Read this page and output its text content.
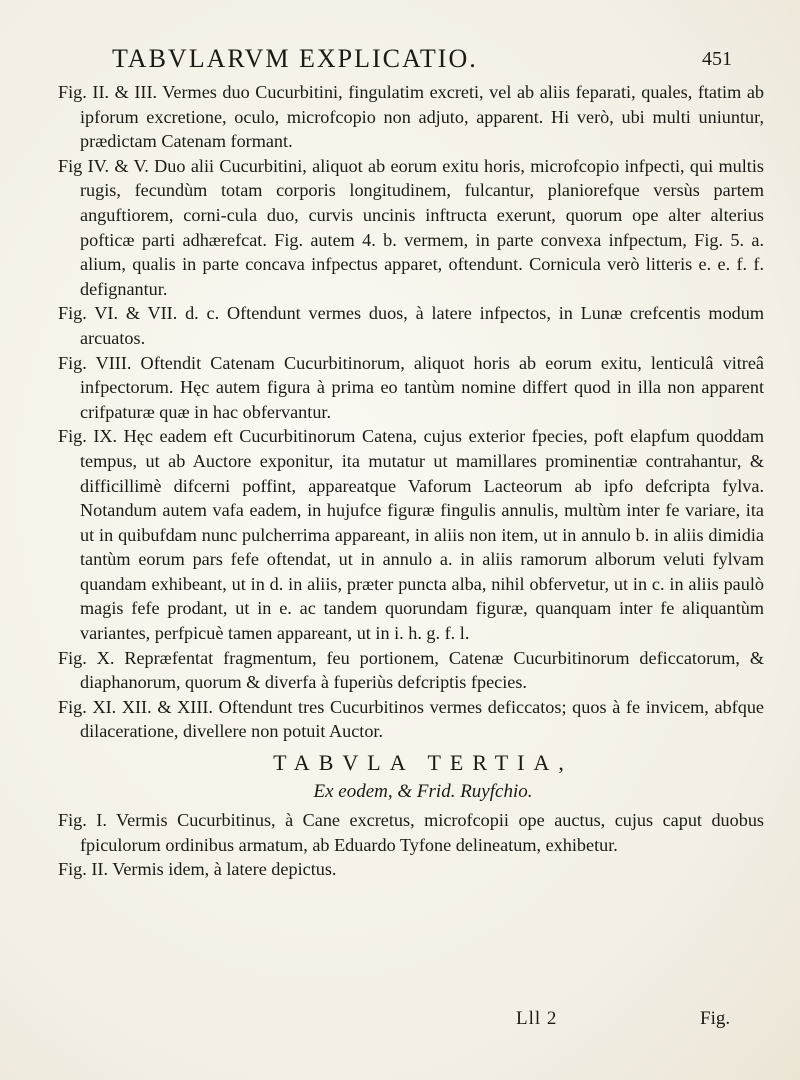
TABVLARVM EXPLICATIO.	451

Fig. II. & III. Vermes duo Cucurbitini, fingulatim excreti, vel ab aliis feparati, quales, ftatim ab ipforum excretione, oculo, microfcopio non adjuto, apparent. Hi verò, ubi multi uniuntur, prædictam Catenam formant.

Fig IV. & V. Duo alii Cucurbitini, aliquot ab eorum exitu horis, microfcopio infpecti, qui multis rugis, fecundùm totam corporis longitudinem, fulcantur, planiorefque versùs partem anguftiorem, corni-cula duo, curvis uncinis inftructa exerunt, quorum ope alter alterius pofticæ parti adhærefcat. Fig. autem 4. b. vermem, in parte convexa infpectum, Fig. 5. a. alium, qualis in parte concava infpectus apparet, oftendunt. Cornicula verò litteris e. e. f. f. defignantur.

Fig. VI. & VII. d. c. Oftendunt vermes duos, à latere infpectos, in Lunæ crefcentis modum arcuatos.

Fig. VIII. Oftendit Catenam Cucurbitinorum, aliquot horis ab eorum exitu, lenticulâ vitreâ infpectorum. Hęc autem figura à prima eo tantùm nomine differt quod in illa non apparent crifpaturæ quæ in hac obfervantur.

Fig. IX. Hęc eadem eft Cucurbitinorum Catena, cujus exterior fpecies, poft elapfum quoddam tempus, ut ab Auctore exponitur, ita mutatur ut mamillares prominentiæ contrahantur, & difficillimè difcerni poffint, appareatque Vaforum Lacteorum ab ipfo defcripta fylva. Notandum autem vafa eadem, in hujufce figuræ fingulis annulis, multùm inter fe variare, ita ut in quibufdam nunc pulcherrima appareant, in aliis non item, ut in annulo b. in aliis dimidia tantùm eorum pars fefe oftendat, ut in annulo a. in aliis ramorum alborum veluti fylvam quandam exhibeant, ut in d. in aliis, præter puncta alba, nihil obfervetur, ut in c. in aliis paulò magis fefe prodant, ut in e. ac tandem quorundam figuræ, quanquam inter fe aliquantùm variantes, perfpicuè tamen appareant, ut in i. h. g. f. l.

Fig. X. Repræfentat fragmentum, feu portionem, Catenæ Cucurbitinorum deficcatorum, & diaphanorum, quorum & diverfa à fuperiùs defcriptis fpecies.

Fig. XI. XII. & XIII. Oftendunt tres Cucurbitinos vermes deficcatos; quos à fe invicem, abfque dilaceratione, divellere non potuit Auctor.

TABVLA TERTIA,
Ex eodem, & Frid. Ruyfchio.

Fig. I. Vermis Cucurbitinus, à Cane excretus, microfcopii ope auctus, cujus caput duobus fpiculorum ordinibus armatum, ab Eduardo Tyfone delineatum, exhibetur.

Fig. II. Vermis idem, à latere depictus.

Lll 2	Fig.
